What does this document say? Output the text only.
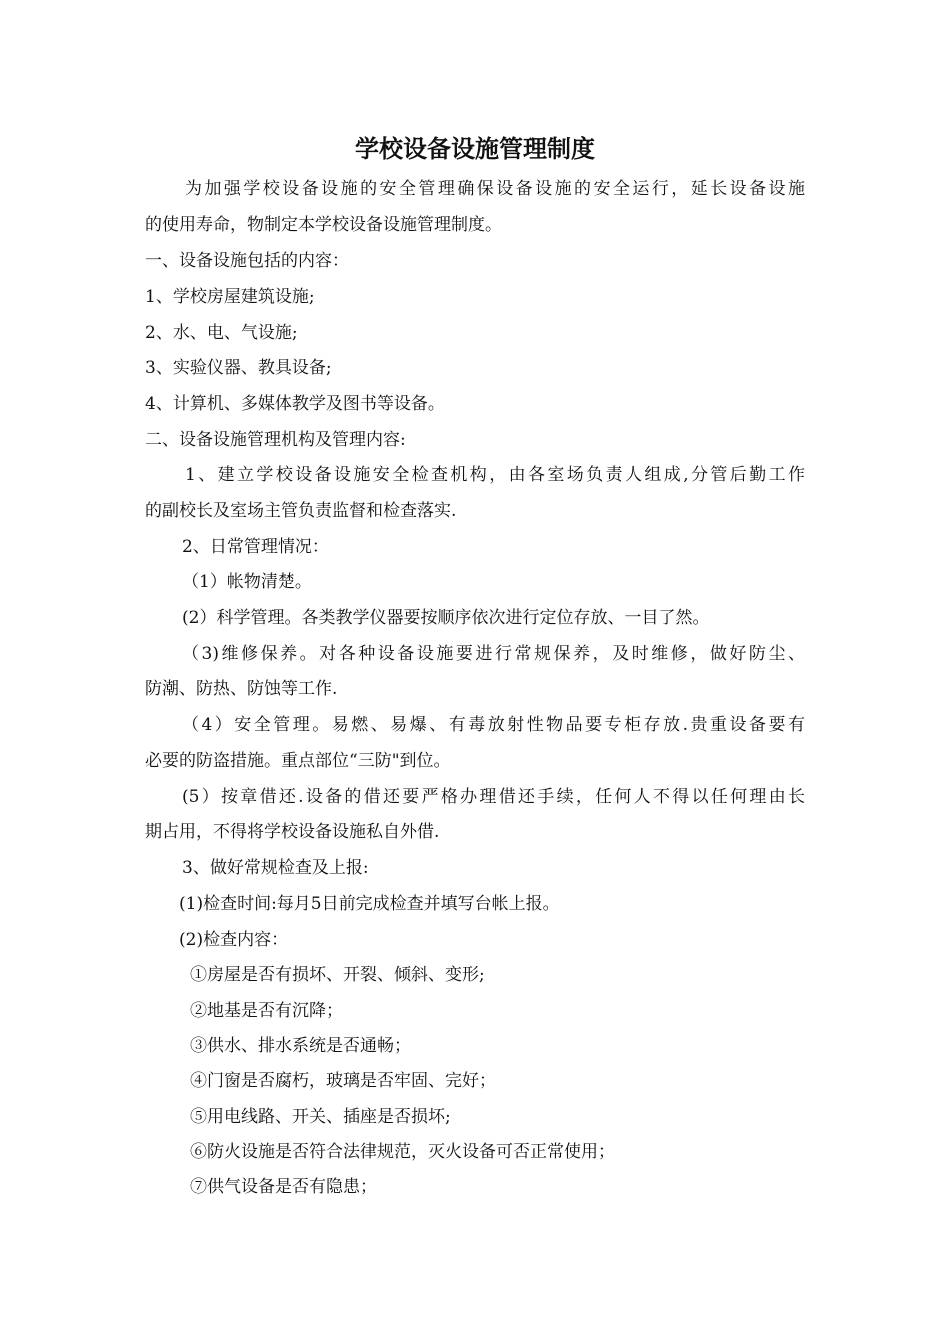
学校设备设施管理制度
为加强学校设备设施的安全管理确保设备设施的安全运行，延长设备设施
的使用寿命，物制定本学校设备设施管理制度。
一、设备设施包括的内容：
1、学校房屋建筑设施;
2、水、电、气设施;
3、实验仪器、教具设备;
4、计算机、多媒体教学及图书等设备。
二、设备设施管理机构及管理内容:
1、建立学校设备设施安全检查机构，由各室场负责人组成,分管后勤工作
的副校长及室场主管负责监督和检查落实.
2、日常管理情况：
（1）帐物清楚。
(2）科学管理。各类教学仪器要按顺序依次进行定位存放、一目了然。
（3)维修保养。对各种设备设施要进行常规保养，及时维修，做好防尘、
防潮、防热、防蚀等工作.
（4）安全管理。易燃、易爆、有毒放射性物品要专柜存放.贵重设备要有
必要的防盗措施。重点部位“三防"到位。
(5）按章借还.设备的借还要严格办理借还手续，任何人不得以任何理由长
期占用，不得将学校设备设施私自外借.
3、做好常规检查及上报:
(1)检查时间:每月5日前完成检查并填写台帐上报。
(2)检查内容：
①房屋是否有损坏、开裂、倾斜、变形;
②地基是否有沉降；
③供水、排水系统是否通畅；
④门窗是否腐朽，玻璃是否牢固、完好；
⑤用电线路、开关、插座是否损坏;
⑥防火设施是否符合法律规范，灭火设备可否正常使用；
⑦供气设备是否有隐患；
